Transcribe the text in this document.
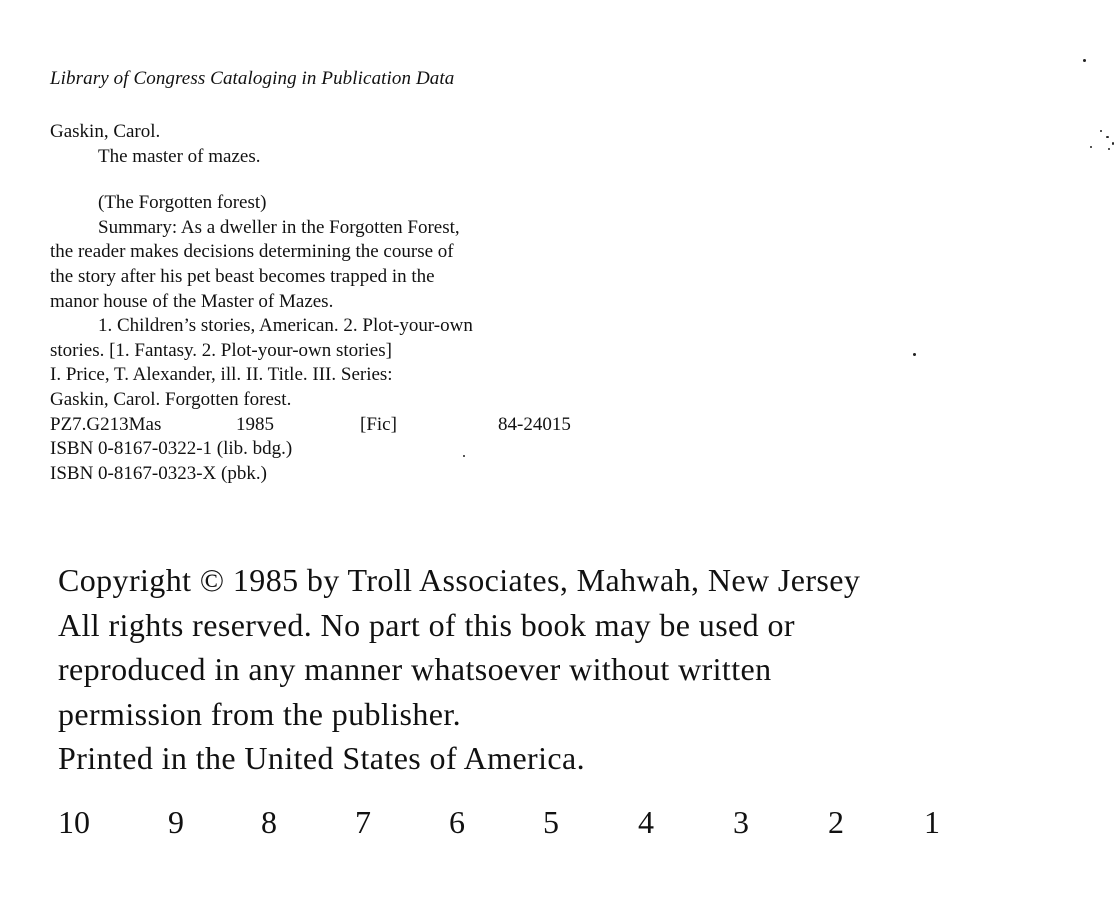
Library of Congress Cataloging in Publication Data
Gaskin, Carol.
The master of mazes.
(The Forgotten forest)
Summary: As a dweller in the Forgotten Forest,
the reader makes decisions determining the course of
the story after his pet beast becomes trapped in the
manor house of the Master of Mazes.
1. Children’s stories, American. 2. Plot-your-own
stories. [1. Fantasy. 2. Plot-your-own stories]
I. Price, T. Alexander, ill. II. Title. III. Series:
Gaskin, Carol. Forgotten forest.
PZ7.G213Mas	1985	[Fic]	84-24015
ISBN 0-8167-0322-1 (lib. bdg.)
ISBN 0-8167-0323-X (pbk.)
Copyright © 1985 by Troll Associates, Mahwah, New Jersey
All rights reserved. No part of this book may be used or
reproduced in any manner whatsoever without written
permission from the publisher.
Printed in the United States of America.
10 9 8 7 6 5 4 3 2	1
